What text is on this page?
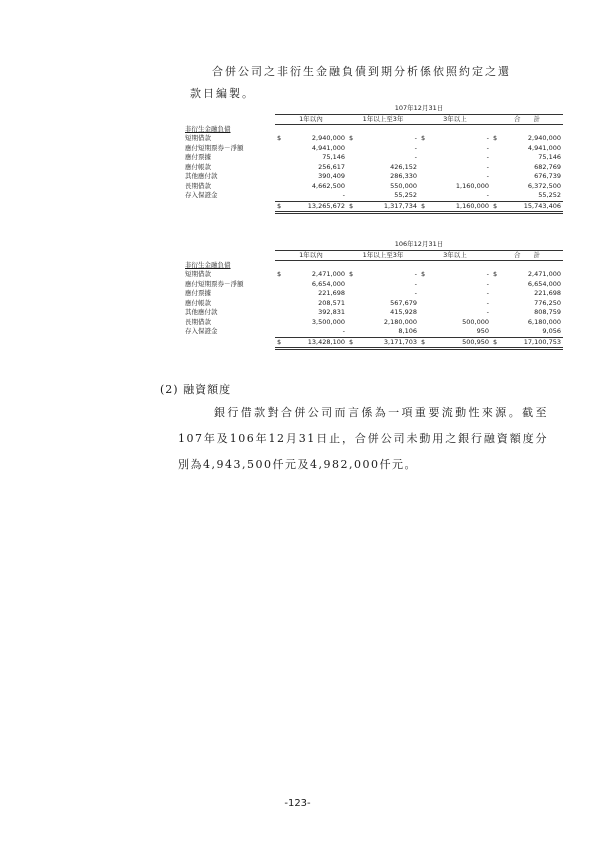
合併公司之非衍生金融負債到期分析係依照約定之還
款日編製。
	107年12月31日							
	1年以內		1年以上至3年		3年以上		合　　計	
非衍生金融負債								
短期借款	$	2,940,000	$	-	$	-	$	2,940,000
應付短期票券－淨額		4,941,000		-		-		4,941,000
應付票據		75,146		-		-		75,146
應付帳款		256,617		426,152		-		682,769
其他應付款		390,409		286,330		-		676,739
長期借款		4,662,500		550,000		1,160,000		6,372,500
存入保證金		-		55,252		-		55,252
	$	13,265,672	$	1,317,734	$	1,160,000	$	15,743,406
	106年12月31日							
	1年以內		1年以上至3年		3年以上		合　　計	
非衍生金融負債								
短期借款	$	2,471,000	$	-	$	-	$	2,471,000
應付短期票券－淨額		6,654,000		-		-		6,654,000
應付票據		221,698		-		-		221,698
應付帳款		208,571		567,679		-		776,250
其他應付款		392,831		415,928		-		808,759
長期借款		3,500,000		2,180,000		500,000		6,180,000
存入保證金		-		8,106		950		9,056
	$	13,428,100	$	3,171,703	$	500,950	$	17,100,753
(2) 融資額度
銀行借款對合併公司而言係為一項重要流動性來源。截至107年及106年12月31日止，合併公司未動用之銀行融資額度分別為4,943,500仟元及4,982,000仟元。
-123-
